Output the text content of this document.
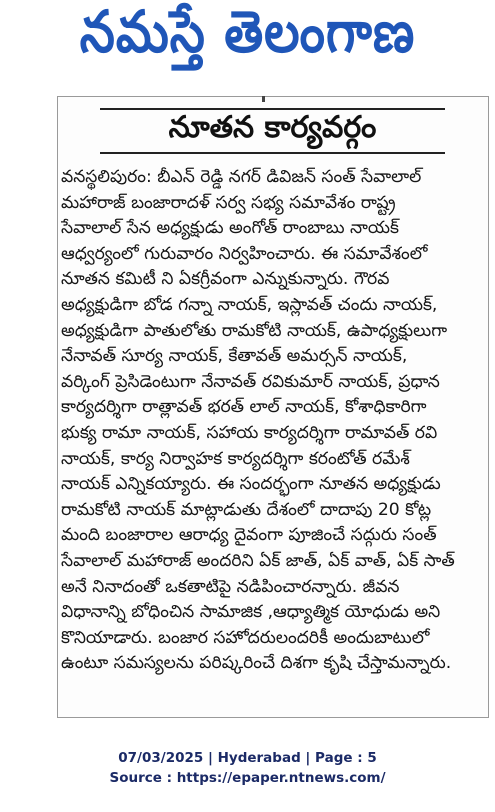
నమస్తే తెలంగాణ
నూతన కార్యవర్గం
వనస్థలిపురం: బీఎన్ రెడ్డి నగర్ డివిజన్ సంత్ సేవాలాల్
మహారాజ్ బంజారాదళ్ సర్వ సభ్య సమావేశం రాష్ట్ర
సేవాలాల్ సేన అధ్యక్షుడు అంగోత్ రాంబాబు నాయక్
ఆధ్వర్యంలో గురువారం నిర్వహించారు. ఈ సమావేశంలో
నూతన కమిటీ ని ఏకగ్రీవంగా ఎన్నుకున్నారు. గౌరవ
అధ్యక్షుడిగా బోడ గన్నా నాయక్, ఇస్లావత్ చందు నాయక్,
అధ్యక్షుడిగా పాతులోతు రామకోటి నాయక్, ఉపాధ్యక్షులుగా
నేనావత్ సూర్య నాయక్, కేతావత్ అమర్సన్ నాయక్,
వర్కింగ్ ప్రెసిడెంటుగా నేనావత్ రవికుమార్ నాయక్, ప్రధాన
కార్యదర్శిగా రాత్లావత్ భరత్ లాల్ నాయక్, కోశాధికారిగా
భుక్య రామా నాయక్, సహాయ కార్యదర్శిగా రామావత్ రవి
నాయక్, కార్య నిర్వాహక కార్యదర్శిగా కరంటోత్ రమేశ్
నాయక్ ఎన్నికయ్యారు. ఈ సందర్భంగా నూతన అధ్యక్షుడు
రామకోటి నాయక్ మాట్లాడుతు దేశంలో దాదాపు 20 కోట్ల
మంది బంజారాల ఆరాధ్య దైవంగా పూజించే సద్గురు సంత్
సేవాలాల్ మహారాజ్ అందరిని ఏక్ జాత్, ఏక్ వాత్, ఏక్ సాత్
అనే నినాదంతో ఒకతాటిపై నడిపించారన్నారు. జీవన
విధానాన్ని బోధించిన సామాజిక ,ఆధ్యాత్మిక యోధుడు అని
కొనియాడారు. బంజార సహోదరులందరికీ అందుబాటులో
ఉంటూ సమస్యలను పరిష్కరించే దిశగా కృషి చేస్తామన్నారు.
07/03/2025 | Hyderabad | Page : 5
Source : https://epaper.ntnews.com/
